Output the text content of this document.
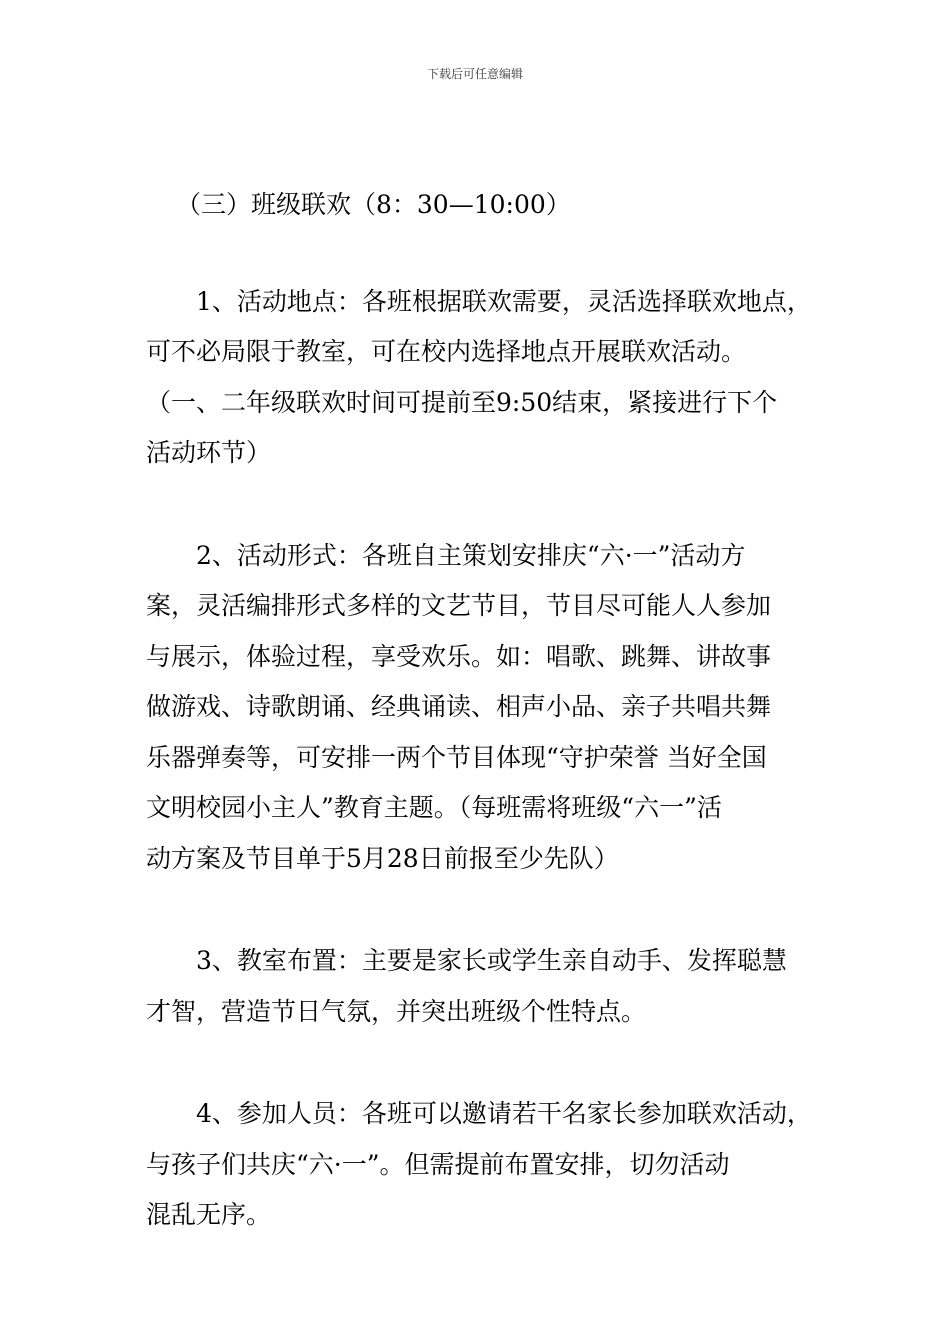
下载后可任意编辑

（三）班级联欢（8：30—10:00）

1、活动地点：各班根据联欢需要，灵活选择联欢地点，
可不必局限于教室，可在校内选择地点开展联欢活动。
（一、二年级联欢时间可提前至9:50结束，紧接进行下个
活动环节）
2、活动形式：各班自主策划安排庆“六·一”活动方
案，灵活编排形式多样的文艺节目，节目尽可能人人参加
与展示，体验过程，享受欢乐。如：唱歌、跳舞、讲故事
做游戏、诗歌朗诵、经典诵读、相声小品、亲子共唱共舞
乐器弹奏等，可安排一两个节目体现“守护荣誉 当好全国
文明校园小主人”教育主题。（每班需将班级“六一”活
动方案及节目单于5月28日前报至少先队）
3、教室布置：主要是家长或学生亲自动手、发挥聪慧
才智，营造节日气氛，并突出班级个性特点。
4、参加人员：各班可以邀请若干名家长参加联欢活动，
与孩子们共庆“六·一”。但需提前布置安排，切勿活动
混乱无序。
